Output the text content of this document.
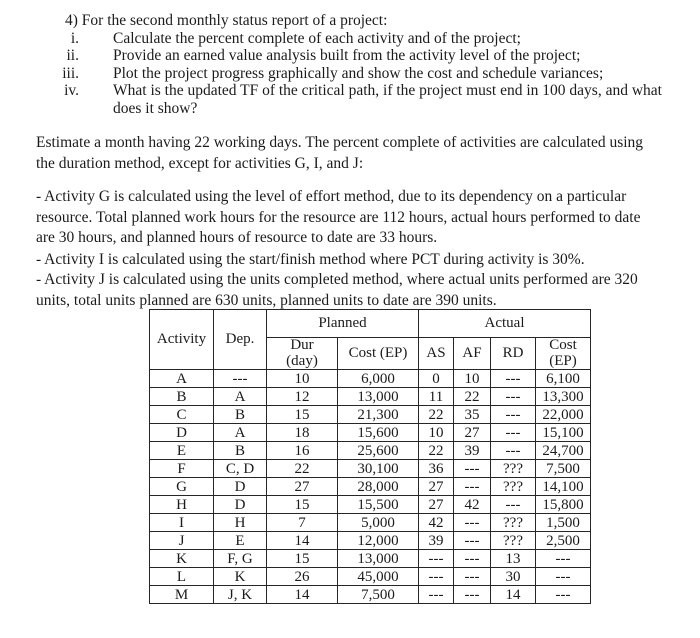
4) For the second monthly status report of a project:
i. Calculate the percent complete of each activity and of the project;
ii. Provide an earned value analysis built from the activity level of the project;
iii. Plot the project progress graphically and show the cost and schedule variances;
iv. What is the updated TF of the critical path, if the project must end in 100 days, and what
does it show?
Estimate a month having 22 working days. The percent complete of activities are calculated using
the duration method, except for activities G, I, and J:
- Activity G is calculated using the level of effort method, due to its dependency on a particular
resource. Total planned work hours for the resource are 112 hours, actual hours performed to date
are 30 hours, and planned hours of resource to date are 33 hours.
- Activity I is calculated using the start/finish method where PCT during activity is 30%.
- Activity J is calculated using the units completed method, where actual units performed are 320
units, total units planned are 630 units, planned units to date are 390 units.
Activity	Dep.	Planned		Actual			

Dur
(day)	Cost (EP)	AS	AF	RD	Cost
(EP)

A	---	10	6,000	0	10	---	6,100
B	A	12	13,000	11	22	---	13,300
C	B	15	21,300	22	35	---	22,000
D	A	18	15,600	10	27	---	15,100
E	B	16	25,600	22	39	---	24,700
F	C, D	22	30,100	36	---	???	7,500
G	D	27	28,000	27	---	???	14,100
H	D	15	15,500	27	42	---	15,800
I	H	7	5,000	42	---	???	1,500
J	E	14	12,000	39	---	???	2,500
K	F, G	15	13,000	---	---	13	---
L	K	26	45,000	---	---	30	---
M	J, K	14	7,500	---	---	14	---
